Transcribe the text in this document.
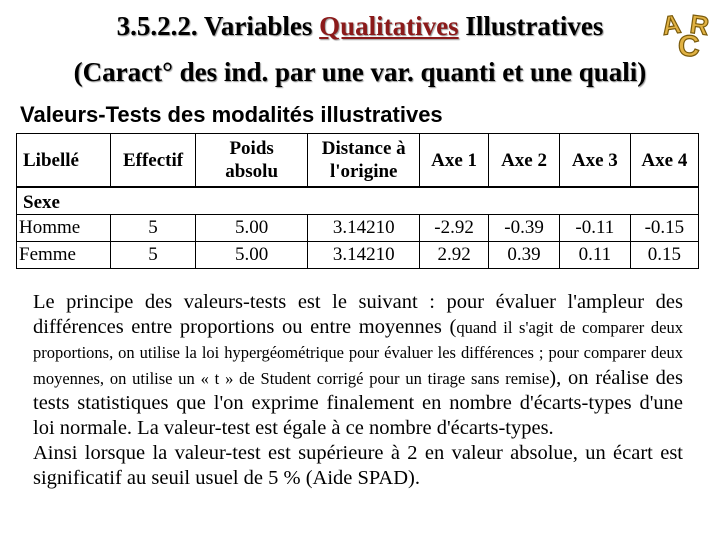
3.5.2.2. Variables Qualitatives Illustratives
(Caract° des ind. par une var. quanti et une quali)
A
C
R
Valeurs-Tests des modalités illustratives
Libellé	Effectif	Poids absolu	Distance à l'origine	Axe 1	Axe 2	Axe 3	Axe 4
Sexe							
Homme	5	5.00	3.14210	-2.92	-0.39	-0.11	-0.15
Femme	5	5.00	3.14210	2.92	0.39	0.11	0.15
Le principe des valeurs-tests est le suivant : pour évaluer l'ampleur des différences entre proportions ou entre moyennes (quand il s'agit de comparer deux proportions, on utilise la loi hypergéométrique pour évaluer les différences ; pour comparer deux moyennes, on utilise un « t » de Student corrigé pour un tirage sans remise), on réalise des tests statistiques que l'on exprime finalement en nombre d'écarts-types d'une loi normale. La valeur-test est égale à ce nombre d'écarts-types.
Ainsi lorsque la valeur-test est supérieure à 2 en valeur absolue, un écart est significatif au seuil usuel de 5 % (Aide SPAD).
